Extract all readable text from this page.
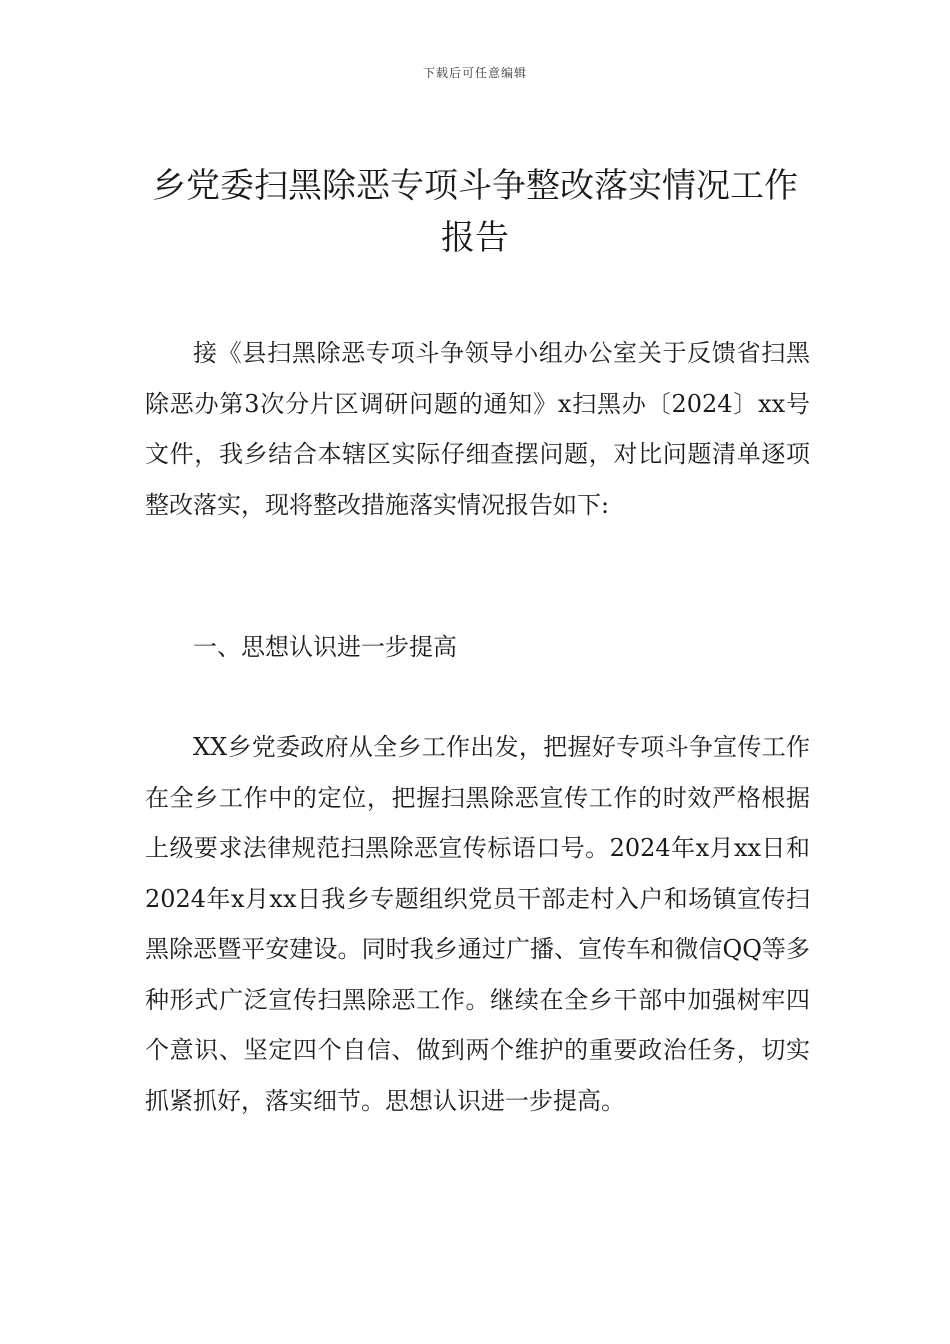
下载后可任意编辑
乡党委扫黑除恶专项斗争整改落实情况工作报告

接《县扫黑除恶专项斗争领导小组办公室关于反馈省扫黑除恶办第3次分片区调研问题的通知》x扫黑办〔2024〕xx号文件，我乡结合本辖区实际仔细查摆问题，对比问题清单逐项整改落实，现将整改措施落实情况报告如下:

一、思想认识进一步提高

XX乡党委政府从全乡工作出发，把握好专项斗争宣传工作在全乡工作中的定位，把握扫黑除恶宣传工作的时效严格根据上级要求法律规范扫黑除恶宣传标语口号。2024年x月xx日和2024年x月xx日我乡专题组织党员干部走村入户和场镇宣传扫黑除恶暨平安建设。同时我乡通过广播、宣传车和微信QQ等多种形式广泛宣传扫黑除恶工作。继续在全乡干部中加强树牢四个意识、坚定四个自信、做到两个维护的重要政治任务，切实抓紧抓好，落实细节。思想认识进一步提高。
